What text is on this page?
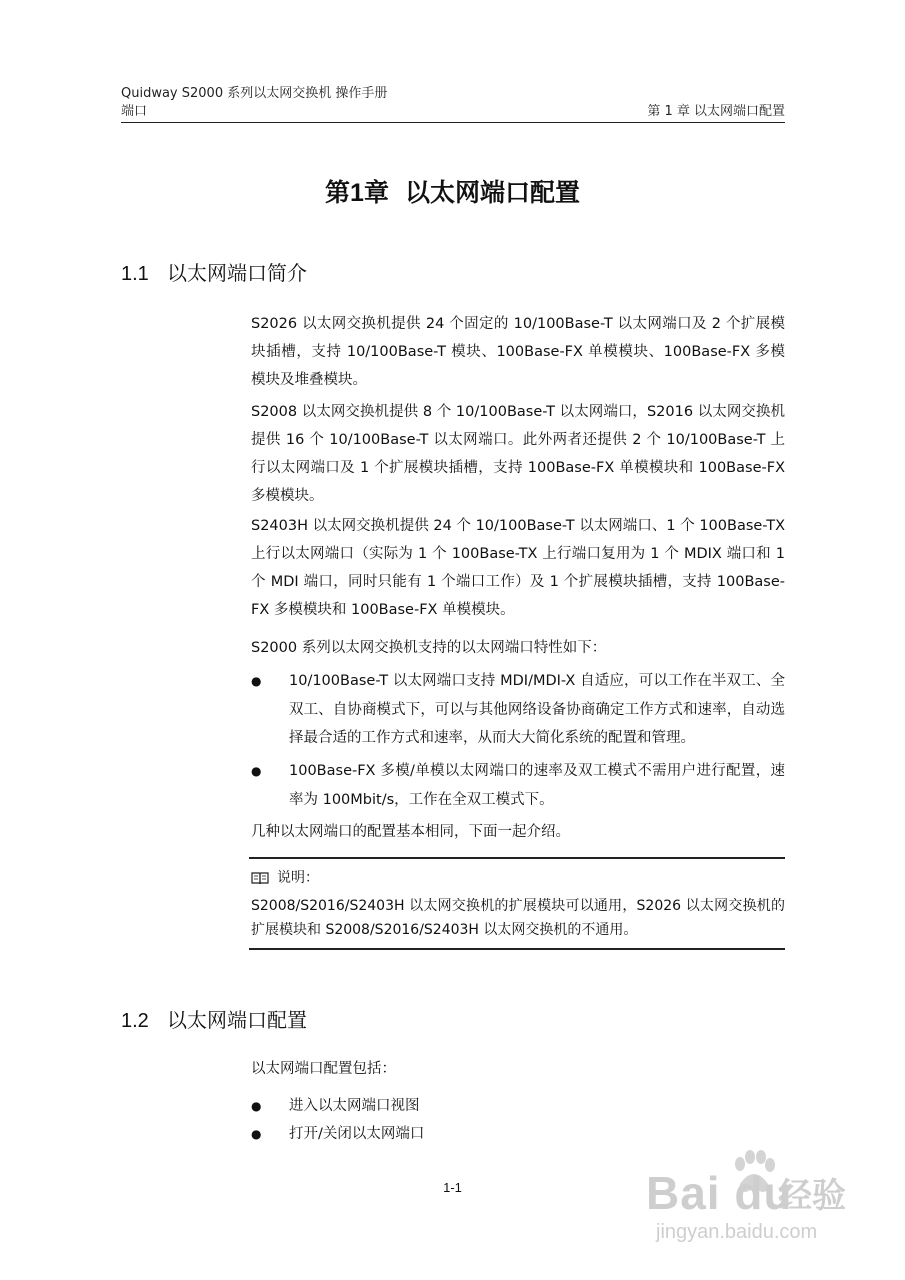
Quidway S2000 系列以太网交换机 操作手册
端口	第 1 章 以太网端口配置
第1章 以太网端口配置
1.1 以太网端口简介

S2026 以太网交换机提供 24 个固定的 10/100Base-T 以太网端口及 2 个扩展模块插槽，支持 10/100Base-T 模块、100Base-FX 单模模块、100Base-FX 多模模块及堆叠模块。

S2008 以太网交换机提供 8 个 10/100Base-T 以太网端口，S2016 以太网交换机提供 16 个 10/100Base-T 以太网端口。此外两者还提供 2 个 10/100Base-T 上行以太网端口及 1 个扩展模块插槽，支持 100Base-FX 单模模块和 100Base-FX 多模模块。

S2403H 以太网交换机提供 24 个 10/100Base-T 以太网端口、1 个 100Base-TX 上行以太网端口（实际为 1 个 100Base-TX 上行端口复用为 1 个 MDIX 端口和 1 个 MDI 端口，同时只能有 1 个端口工作）及 1 个扩展模块插槽，支持 100Base-FX 多模模块和 100Base-FX 单模模块。

S2000 系列以太网交换机支持的以太网端口特性如下：

● 10/100Base-T 以太网端口支持 MDI/MDI-X 自适应，可以工作在半双工、全双工、自协商模式下，可以与其他网络设备协商确定工作方式和速率，自动选择最合适的工作方式和速率，从而大大简化系统的配置和管理。
● 100Base-FX 多模/单模以太网端口的速率及双工模式不需用户进行配置，速率为 100Mbit/s，工作在全双工模式下。

几种以太网端口的配置基本相同，下面一起介绍。

说明：
S2008/S2016/S2403H 以太网交换机的扩展模块可以通用，S2026 以太网交换机的扩展模块和 S2008/S2016/S2403H 以太网交换机的不通用。
1.2 以太网端口配置

以太网端口配置包括：

● 进入以太网端口视图
● 打开/关闭以太网端口
1-1	Bai du
经验
jingyan.baidu.com
